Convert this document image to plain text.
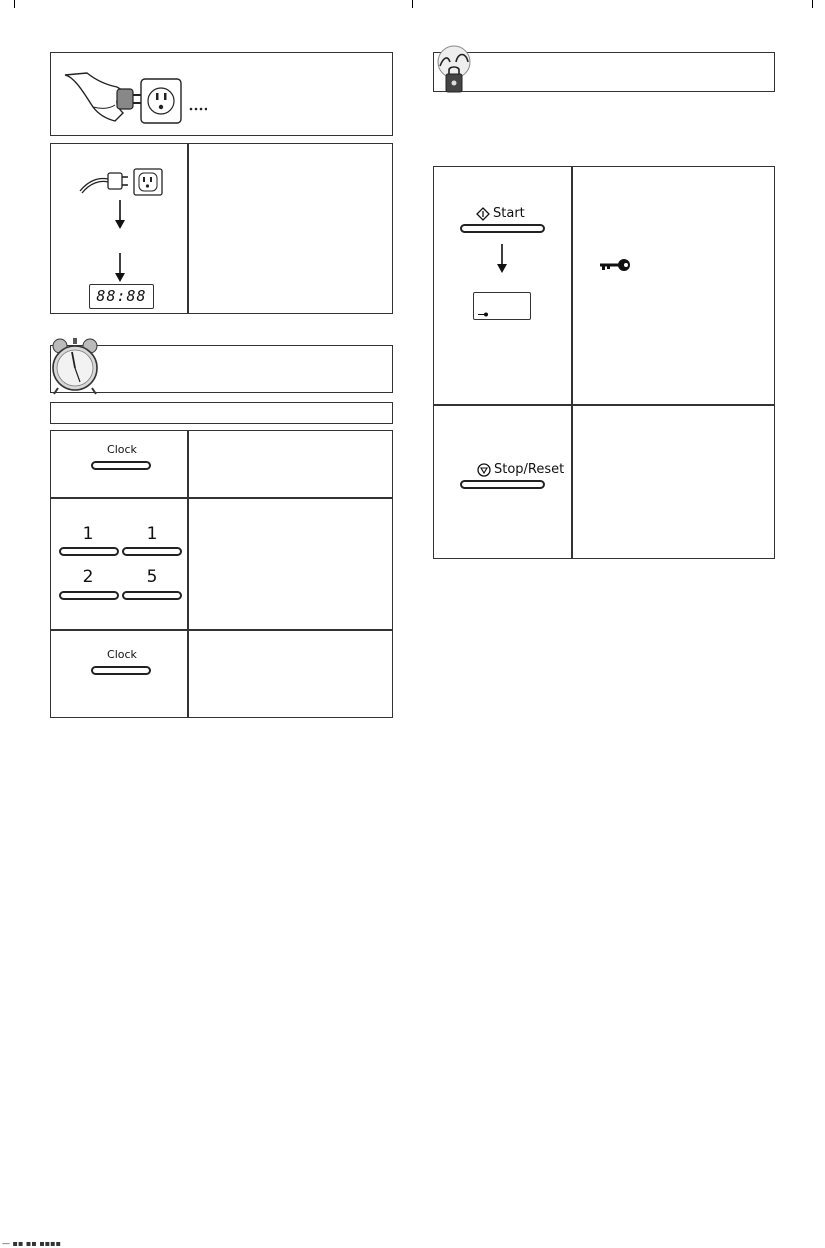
88:88
Clock
1	1
2	5
Clock
Start
Stop/Reset
— ▪▪ ▪▪ ▪▪▪▪
